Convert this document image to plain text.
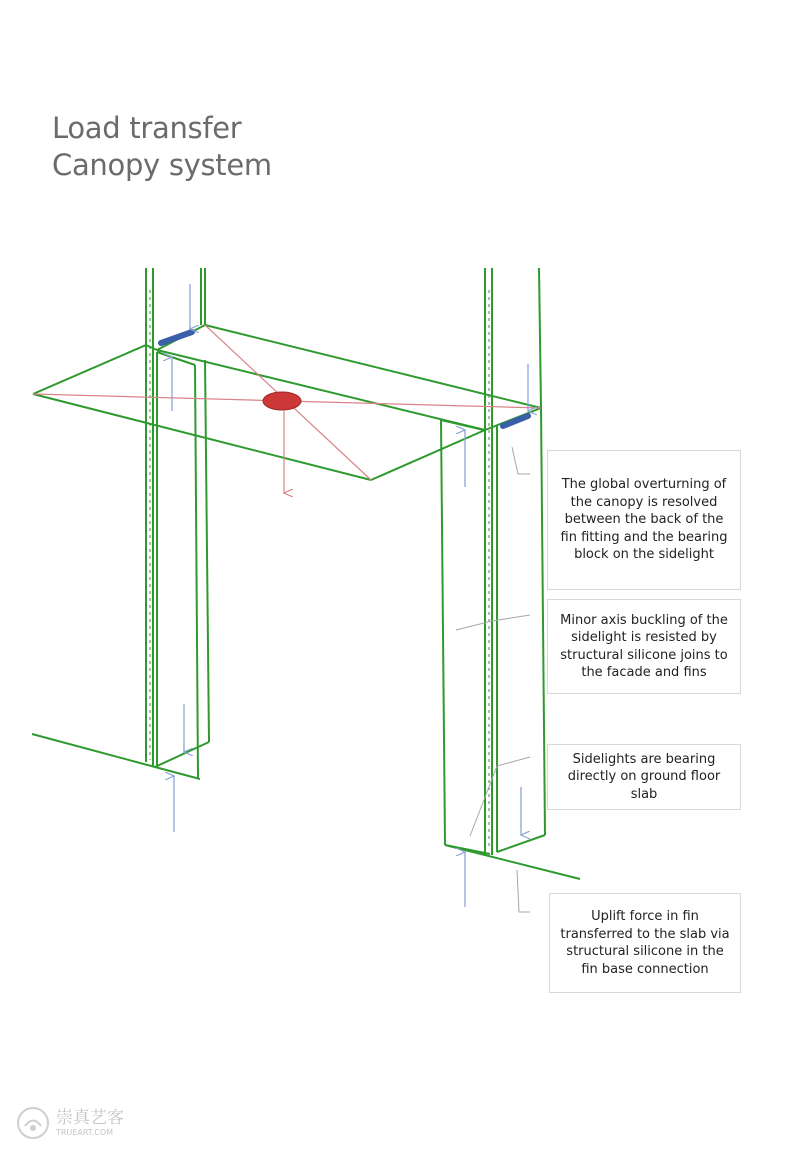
Load transfer
Canopy system
The global overturning of
the canopy is resolved
between the back of the
fin fitting and the bearing
block on the sidelight
Minor axis buckling of the
sidelight is resisted by
structural silicone joins to
the facade and fins
Sidelights are bearing
directly on ground floor
slab
Uplift force in fin
transferred to the slab via
structural silicone in the
fin base connection
崇真艺客
TRUEART.COM
